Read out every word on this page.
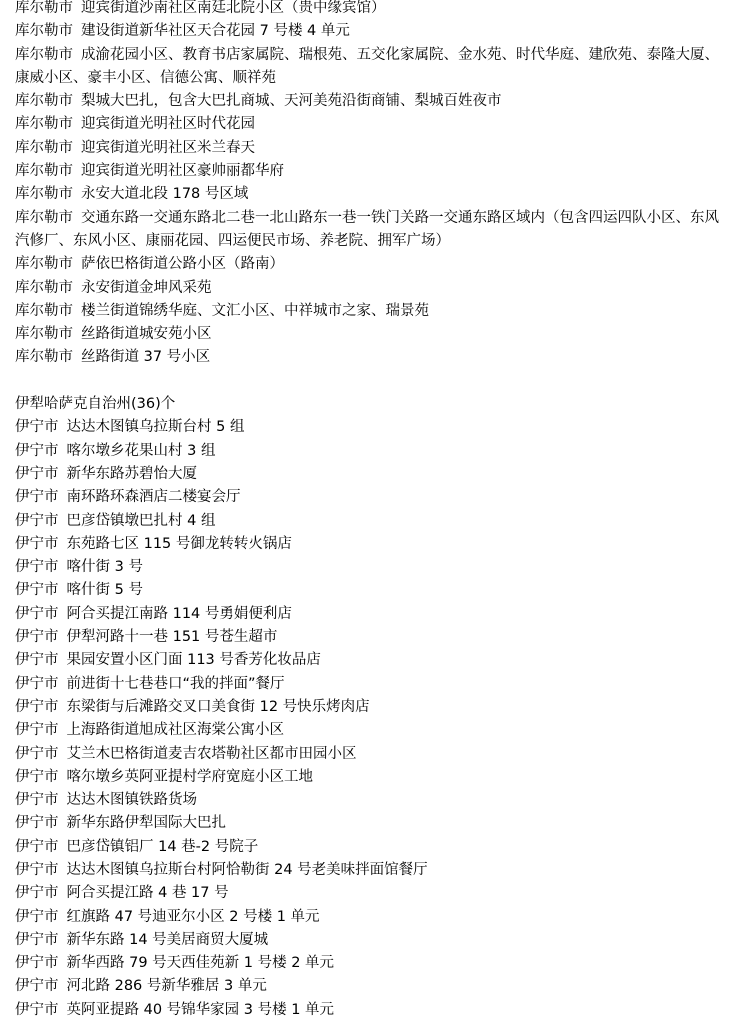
库尔勒市 迎宾街道沙南社区南廷北院小区（贵中缘宾馆）
库尔勒市 建设街道新华社区天合花园 7 号楼 4 单元
库尔勒市 成渝花园小区、教育书店家属院、瑞根苑、五交化家属院、金水苑、时代华庭、建欣苑、泰隆大厦、康威小区、豪丰小区、信德公寓、顺祥苑
库尔勒市 梨城大巴扎，包含大巴扎商城、天河美苑沿街商铺、梨城百姓夜市
库尔勒市 迎宾街道光明社区时代花园
库尔勒市 迎宾街道光明社区米兰春天
库尔勒市 迎宾街道光明社区豪帅丽都华府
库尔勒市 永安大道北段 178 号区域
库尔勒市 交通东路一交通东路北二巷一北山路东一巷一铁门关路一交通东路区域内（包含四运四队小区、东风汽修厂、东风小区、康丽花园、四运便民市场、养老院、拥军广场）
库尔勒市 萨依巴格街道公路小区（路南）
库尔勒市 永安街道金坤风采苑
库尔勒市 楼兰街道锦绣华庭、文汇小区、中祥城市之家、瑞景苑
库尔勒市 丝路街道城安苑小区
库尔勒市 丝路街道 37 号小区
伊犁哈萨克自治州(36)个
伊宁市 达达木图镇乌拉斯台村 5 组
伊宁市 喀尔墩乡花果山村 3 组
伊宁市 新华东路苏碧怡大厦
伊宁市 南环路环森酒店二楼宴会厅
伊宁市 巴彦岱镇墩巴扎村 4 组
伊宁市 东苑路七区 115 号御龙转转火锅店
伊宁市 喀什街 3 号
伊宁市 喀什街 5 号
伊宁市 阿合买提江南路 114 号勇娟便利店
伊宁市 伊犁河路十一巷 151 号苍生超市
伊宁市 果园安置小区门面 113 号香芳化妆品店
伊宁市 前进街十七巷巷口“我的拌面”餐厅
伊宁市 东梁街与后滩路交叉口美食街 12 号快乐烤肉店
伊宁市 上海路街道旭成社区海棠公寓小区
伊宁市 艾兰木巴格街道麦吉农塔勒社区都市田园小区
伊宁市 喀尔墩乡英阿亚提村学府宽庭小区工地
伊宁市 达达木图镇铁路货场
伊宁市 新华东路伊犁国际大巴扎
伊宁市 巴彦岱镇铝厂 14 巷-2 号院子
伊宁市 达达木图镇乌拉斯台村阿恰勒街 24 号老美味拌面馆餐厅
伊宁市 阿合买提江路 4 巷 17 号
伊宁市 红旗路 47 号迪亚尔小区 2 号楼 1 单元
伊宁市 新华东路 14 号美居商贸大厦城
伊宁市 新华西路 79 号天西佳苑新 1 号楼 2 单元
伊宁市 河北路 286 号新华雅居 3 单元
伊宁市 英阿亚提路 40 号锦华家园 3 号楼 1 单元
